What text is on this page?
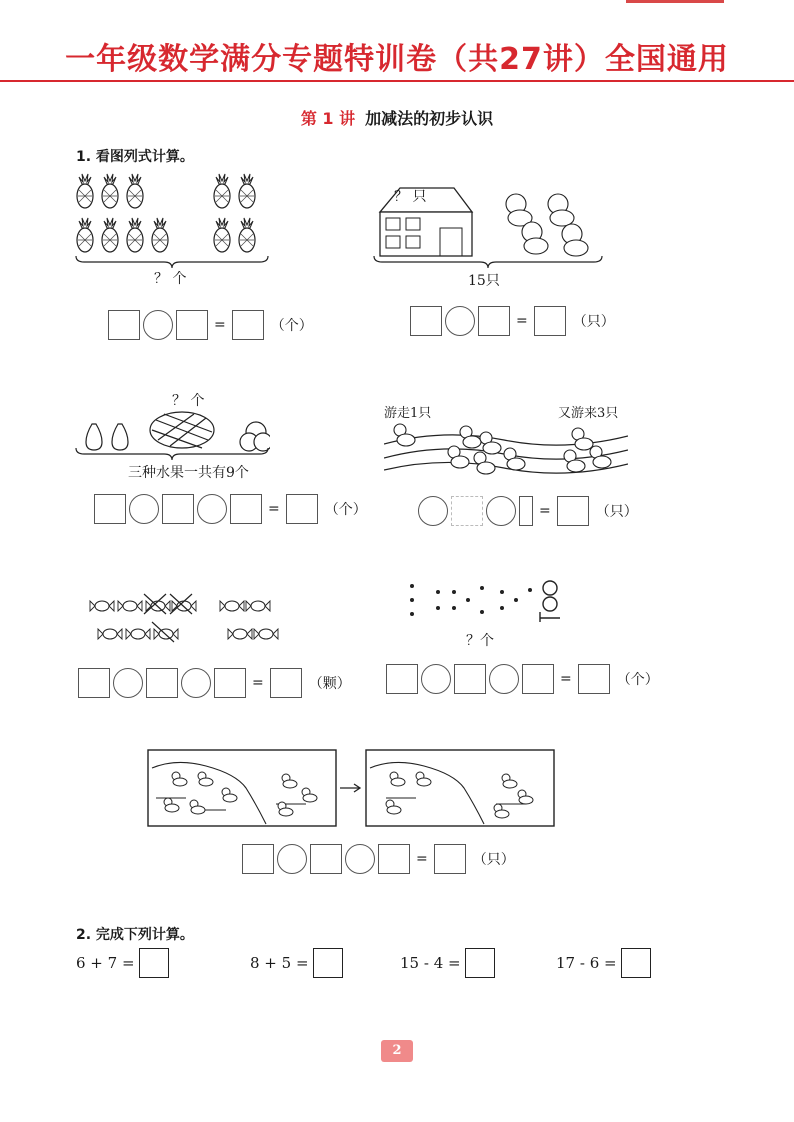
一年级数学满分专题特训卷（共27讲）全国通用
第 1 讲 加减法的初步认识
1. 看图列式计算。
？ 个
=	（个）
？ 只
15只
=	（只）
？ 个
三种水果一共有9个
=	（个）
游走1只	又游来3只
=	（只）
=	（颗）
？个
=	（个）
=	（只）
2. 完成下列计算。
6 + 7 =	8 + 5 =	15 - 4 =	17 - 6 =
2
